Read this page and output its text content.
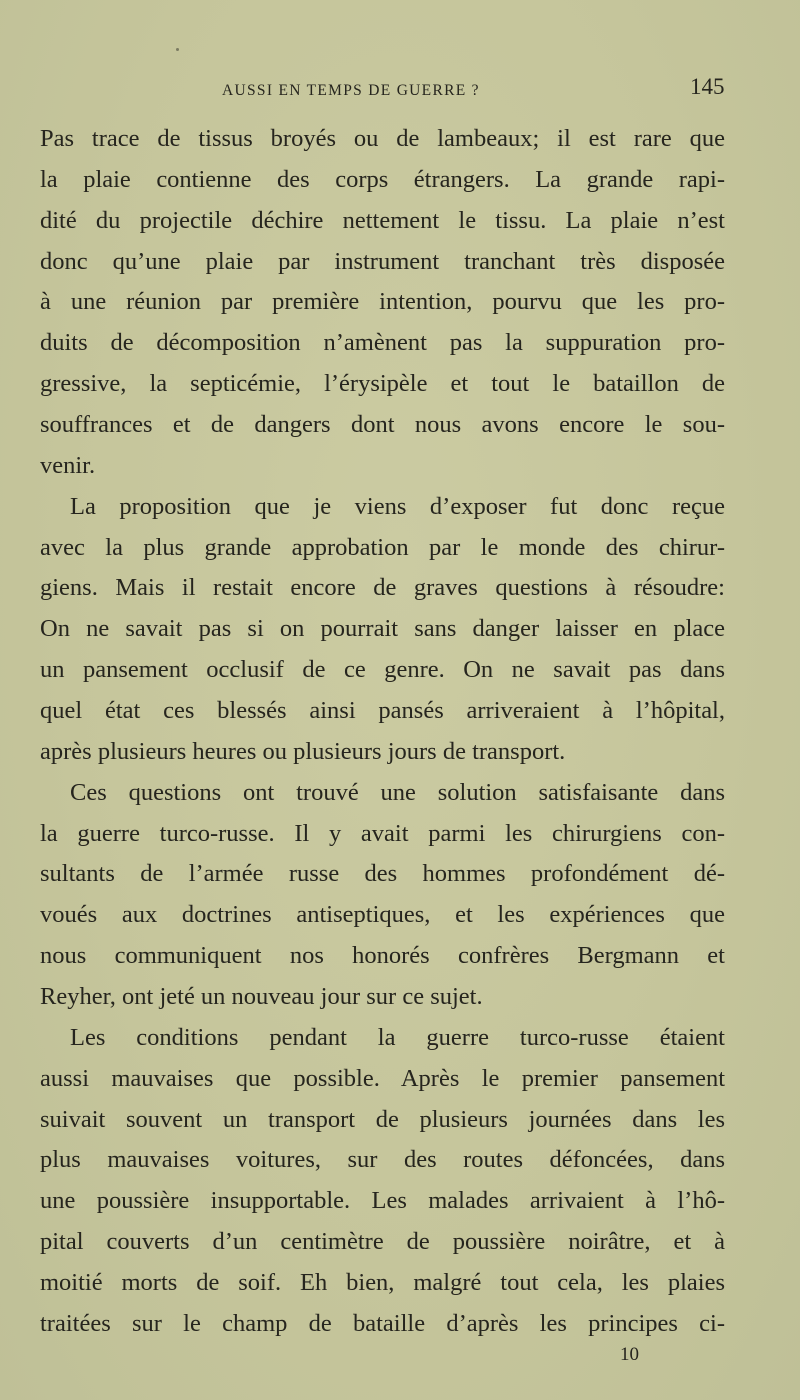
AUSSI EN TEMPS DE GUERRE ?	145
Pas trace de tissus broyés ou de lambeaux; il est rare que
la plaie contienne des corps étrangers. La grande rapi-
dité du projectile déchire nettement le tissu. La plaie n’est
donc qu’une plaie par instrument tranchant très disposée
à une réunion par première intention, pourvu que les pro-
duits de décomposition n’amènent pas la suppuration pro-
gressive, la septicémie, l’érysipèle et tout le bataillon de
souffrances et de dangers dont nous avons encore le sou-
venir.
La proposition que je viens d’exposer fut donc reçue
avec la plus grande approbation par le monde des chirur-
giens. Mais il restait encore de graves questions à résoudre:
On ne savait pas si on pourrait sans danger laisser en place
un pansement occlusif de ce genre. On ne savait pas dans
quel état ces blessés ainsi pansés arriveraient à l’hôpital,
après plusieurs heures ou plusieurs jours de transport.
Ces questions ont trouvé une solution satisfaisante dans
la guerre turco-russe. Il y avait parmi les chirurgiens con-
sultants de l’armée russe des hommes profondément dé-
voués aux doctrines antiseptiques, et les expériences que
nous communiquent nos honorés confrères Bergmann et
Reyher, ont jeté un nouveau jour sur ce sujet.
Les conditions pendant la guerre turco-russe étaient
aussi mauvaises que possible. Après le premier pansement
suivait souvent un transport de plusieurs journées dans les
plus mauvaises voitures, sur des routes défoncées, dans
une poussière insupportable. Les malades arrivaient à l’hô-
pital couverts d’un centimètre de poussière noirâtre, et à
moitié morts de soif. Eh bien, malgré tout cela, les plaies
traitées sur le champ de bataille d’après les principes ci-
10
